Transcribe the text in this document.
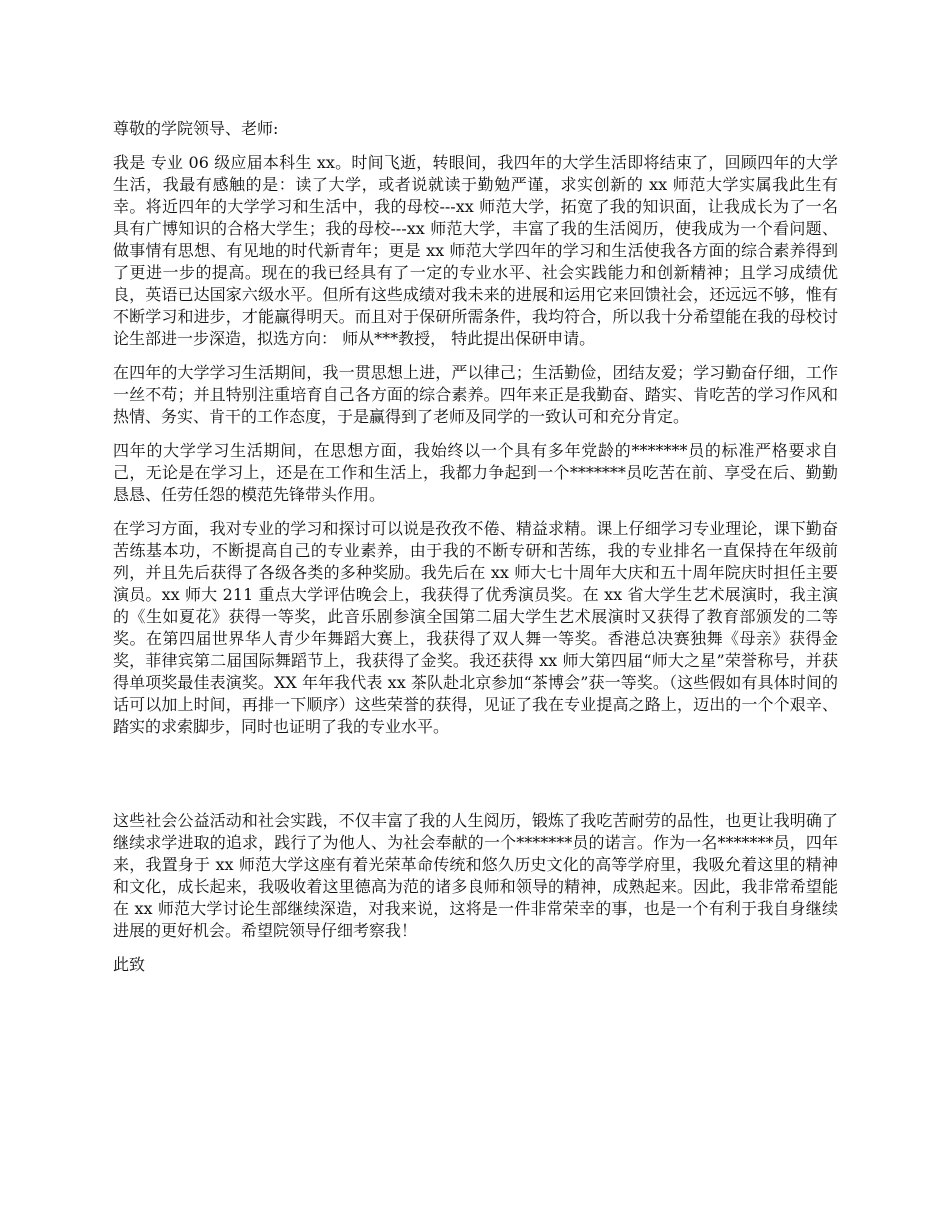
尊敬的学院领导、老师:

我是 专业 06 级应届本科生 xx。时间飞逝，转眼间，我四年的大学生活即将结束了，回顾四年的大学生活，我最有感触的是：读了大学，或者说就读于勤勉严谨，求实创新的 xx 师范大学实属我此生有幸。将近四年的大学学习和生活中，我的母校---xx 师范大学，拓宽了我的知识面，让我成长为了一名具有广博知识的合格大学生；我的母校---xx 师范大学，丰富了我的生活阅历，使我成为一个看问题、做事情有思想、有见地的时代新青年；更是 xx 师范大学四年的学习和生活使我各方面的综合素养得到了更进一步的提高。现在的我已经具有了一定的专业水平、社会实践能力和创新精神；且学习成绩优良，英语已达国家六级水平。但所有这些成绩对我未来的进展和运用它来回馈社会，还远远不够，惟有不断学习和进步，才能赢得明天。而且对于保研所需条件，我均符合，所以我十分希望能在我的母校讨论生部进一步深造，拟选方向： 师从***教授， 特此提出保研申请。

在四年的大学学习生活期间，我一贯思想上进，严以律己；生活勤俭，团结友爱；学习勤奋仔细，工作一丝不苟；并且特别注重培育自己各方面的综合素养。四年来正是我勤奋、踏实、肯吃苦的学习作风和热情、务实、肯干的工作态度，于是赢得到了老师及同学的一致认可和充分肯定。

四年的大学学习生活期间，在思想方面，我始终以一个具有多年党龄的*******员的标准严格要求自己，无论是在学习上，还是在工作和生活上，我都力争起到一个*******员吃苦在前、享受在后、勤勤恳恳、任劳任怨的模范先锋带头作用。

在学习方面，我对专业的学习和探讨可以说是孜孜不倦、精益求精。课上仔细学习专业理论，课下勤奋苦练基本功，不断提高自己的专业素养，由于我的不断专研和苦练，我的专业排名一直保持在年级前列，并且先后获得了各级各类的多种奖励。我先后在 xx 师大七十周年大庆和五十周年院庆时担任主要演员。xx 师大 211 重点大学评估晚会上，我获得了优秀演员奖。在 xx 省大学生艺术展演时，我主演的《生如夏花》获得一等奖，此音乐剧参演全国第二届大学生艺术展演时又获得了教育部颁发的二等奖。在第四届世界华人青少年舞蹈大赛上，我获得了双人舞一等奖。香港总决赛独舞《母亲》获得金奖，菲律宾第二届国际舞蹈节上，我获得了金奖。我还获得 xx 师大第四届“师大之星”荣誉称号，并获得单项奖最佳表演奖。XX 年年我代表 xx 茶队赴北京参加“茶博会”获一等奖。（这些假如有具体时间的话可以加上时间，再排一下顺序）这些荣誉的获得，见证了我在专业提高之路上，迈出的一个个艰辛、踏实的求索脚步，同时也证明了我的专业水平。

这些社会公益活动和社会实践，不仅丰富了我的人生阅历，锻炼了我吃苦耐劳的品性，也更让我明确了继续求学进取的追求，践行了为他人、为社会奉献的一个*******员的诺言。作为一名*******员，四年来，我置身于 xx 师范大学这座有着光荣革命传统和悠久历史文化的高等学府里，我吸允着这里的精神和文化，成长起来，我吸收着这里德高为范的诸多良师和领导的精神，成熟起来。因此，我非常希望能在 xx 师范大学讨论生部继续深造，对我来说，这将是一件非常荣幸的事，也是一个有利于我自身继续进展的更好机会。希望院领导仔细考察我！

此致
